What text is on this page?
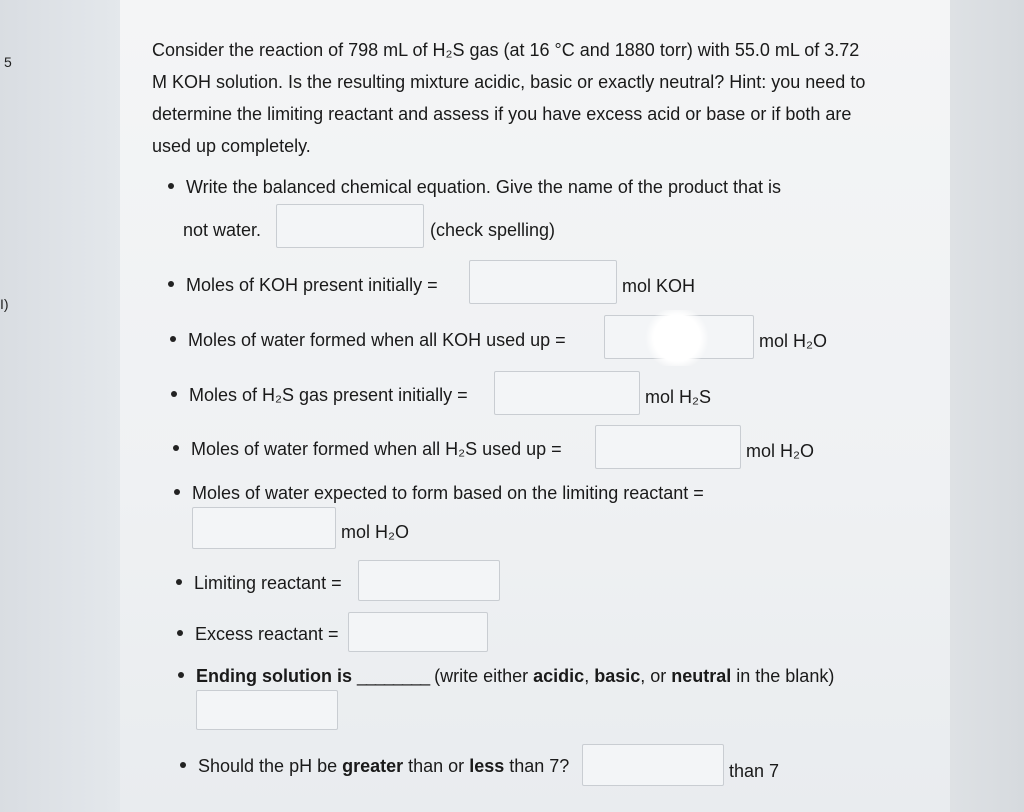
5
I)
Consider the reaction of 798 mL of H₂S gas (at 16 °C and 1880 torr) with 55.0 mL of 3.72 M KOH solution. Is the resulting mixture acidic, basic or exactly neutral? Hint: you need to determine the limiting reactant and assess if you have excess acid or base or if both are used up completely.
Write the balanced chemical equation. Give the name of the product that is
not water.	(check spelling)
Moles of KOH present initially =	mol KOH
Moles of water formed when all KOH used up =	mol H₂O
Moles of H₂S gas present initially =	mol H₂S
Moles of water formed when all H₂S used up =	mol H₂O
Moles of water expected to form based on the limiting reactant =
mol H₂O
Limiting reactant =
Excess reactant =
Ending solution is ________ (write either acidic, basic, or neutral in the blank)
Should the pH be greater than or less than 7?	than 7
